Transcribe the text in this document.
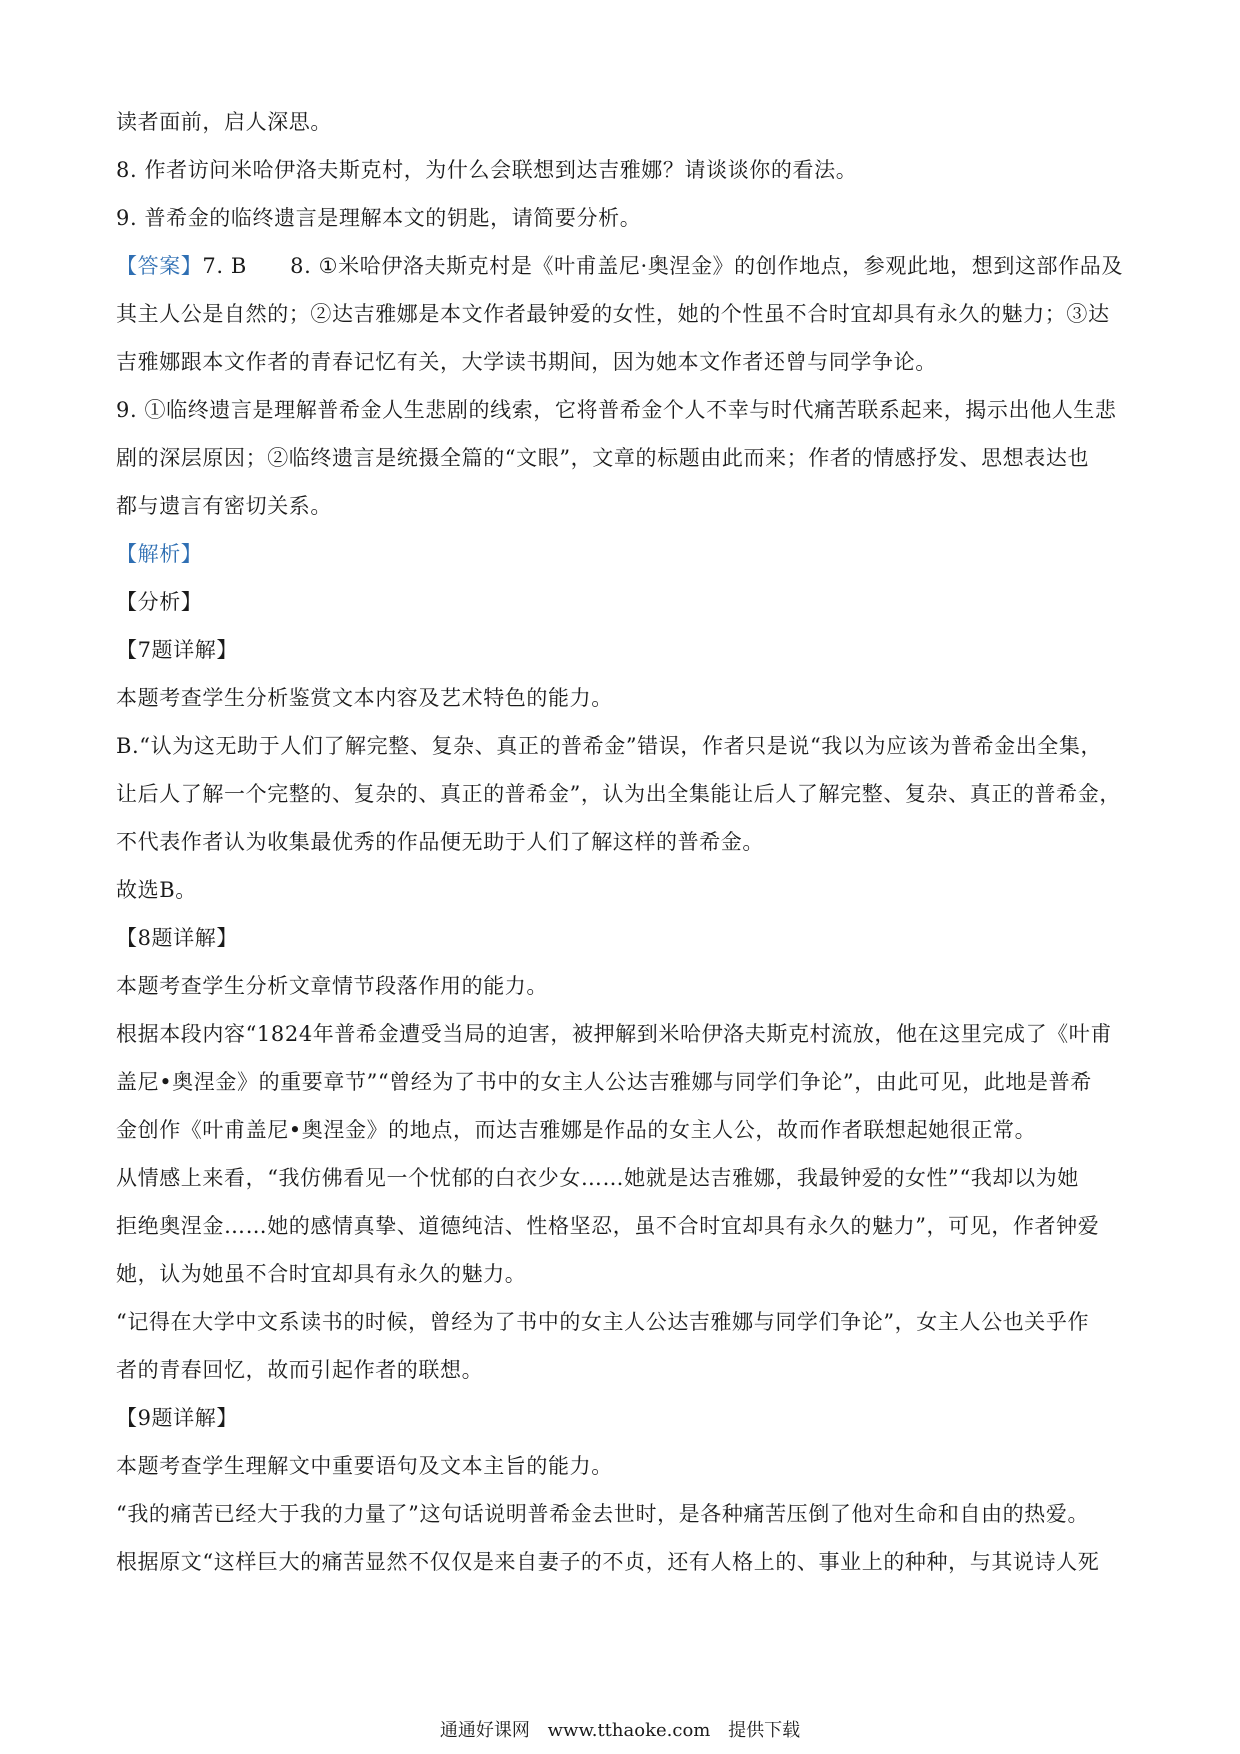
读者面前，启人深思。
8. 作者访问米哈伊洛夫斯克村，为什么会联想到达吉雅娜？请谈谈你的看法。
9. 普希金的临终遗言是理解本文的钥匙，请简要分析。
【答案】7. B  8. ①米哈伊洛夫斯克村是《叶甫盖尼·奥涅金》的创作地点，参观此地，想到这部作品及
其主人公是自然的；②达吉雅娜是本文作者最钟爱的女性，她的个性虽不合时宜却具有永久的魅力；③达
吉雅娜跟本文作者的青春记忆有关，大学读书期间，因为她本文作者还曾与同学争论。
9. ①临终遗言是理解普希金人生悲剧的线索，它将普希金个人不幸与时代痛苦联系起来，揭示出他人生悲
剧的深层原因；②临终遗言是统摄全篇的“文眼”，文章的标题由此而来；作者的情感抒发、思想表达也
都与遗言有密切关系。
【解析】
【分析】
【7题详解】
本题考查学生分析鉴赏文本内容及艺术特色的能力。
B.“认为这无助于人们了解完整、复杂、真正的普希金”错误，作者只是说“我以为应该为普希金出全集，
让后人了解一个完整的、复杂的、真正的普希金”，认为出全集能让后人了解完整、复杂、真正的普希金，
不代表作者认为收集最优秀的作品便无助于人们了解这样的普希金。
故选B。
【8题详解】
本题考查学生分析文章情节段落作用的能力。
根据本段内容“1824年普希金遭受当局的迫害，被押解到米哈伊洛夫斯克村流放，他在这里完成了《叶甫
盖尼•奥涅金》的重要章节”“曾经为了书中的女主人公达吉雅娜与同学们争论”，由此可见，此地是普希
金创作《叶甫盖尼•奥涅金》的地点，而达吉雅娜是作品的女主人公，故而作者联想起她很正常。
从情感上来看，“我仿佛看见一个忧郁的白衣少女……她就是达吉雅娜，我最钟爱的女性”“我却以为她
拒绝奥涅金……她的感情真挚、道德纯洁、性格坚忍，虽不合时宜却具有永久的魅力”，可见，作者钟爱
她，认为她虽不合时宜却具有永久的魅力。
“记得在大学中文系读书的时候，曾经为了书中的女主人公达吉雅娜与同学们争论”，女主人公也关乎作
者的青春回忆，故而引起作者的联想。
【9题详解】
本题考查学生理解文中重要语句及文本主旨的能力。
“我的痛苦已经大于我的力量了”这句话说明普希金去世时，是各种痛苦压倒了他对生命和自由的热爱。
根据原文“这样巨大的痛苦显然不仅仅是来自妻子的不贞，还有人格上的、事业上的种种，与其说诗人死
通通好课网 www.tthaoke.com 提供下载
